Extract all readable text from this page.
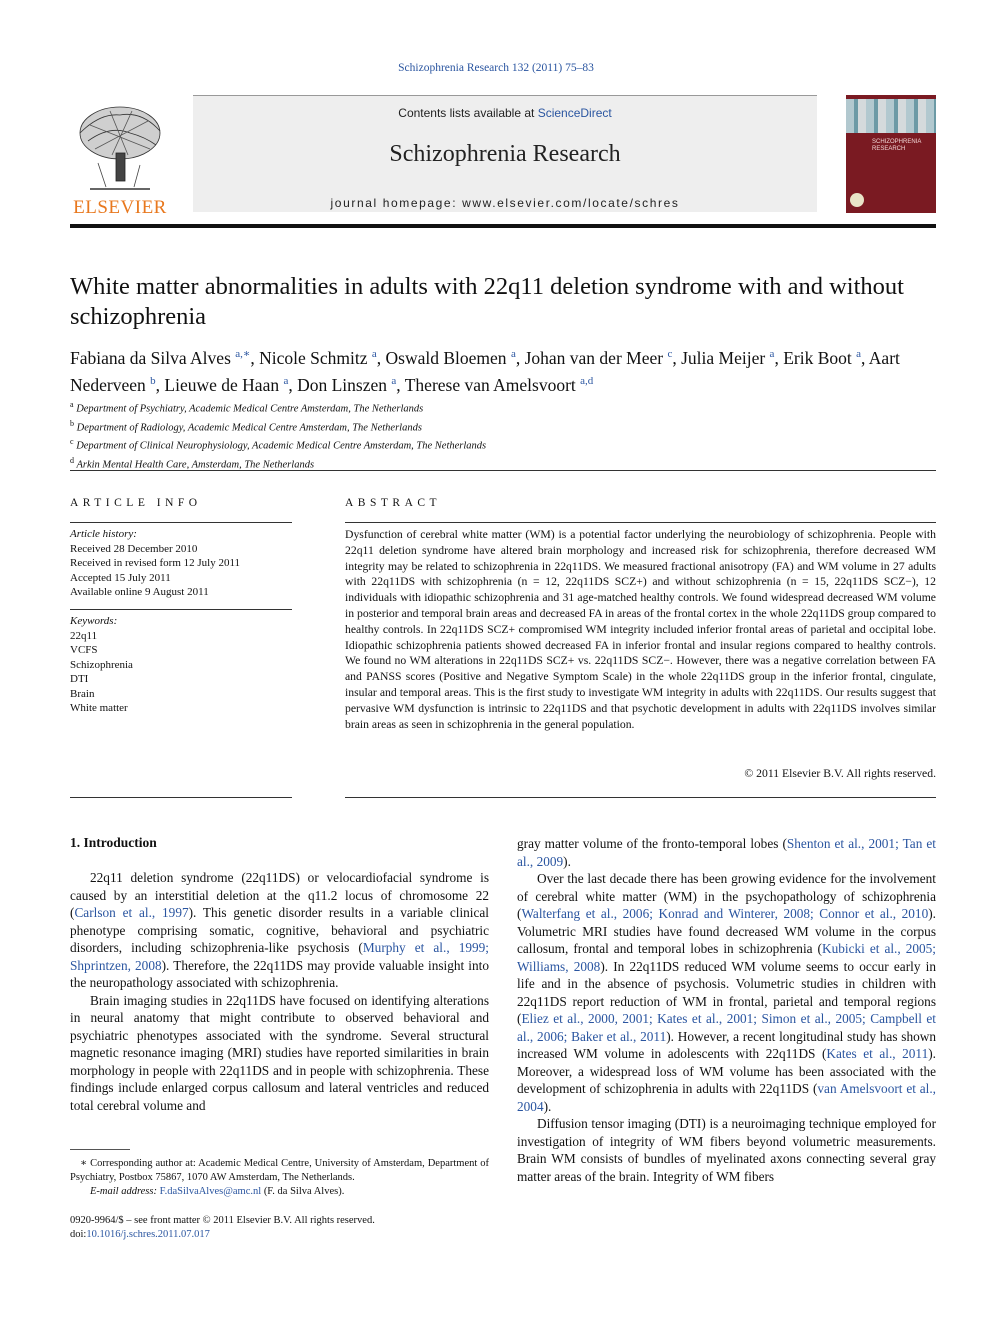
Schizophrenia Research 132 (2011) 75–83
ELSEVIER
Contents lists available at ScienceDirect
Schizophrenia Research
journal homepage: www.elsevier.com/locate/schres
SCHIZOPHRENIA RESEARCH
White matter abnormalities in adults with 22q11 deletion syndrome with and without schizophrenia
Fabiana da Silva Alves $^{a,∗}$, Nicole Schmitz $^a$, Oswald Bloemen $^a$, Johan van der Meer $^c$, Julia Meijer $^a$, Erik Boot $^a$, Aart Nederveen $^b$, Lieuwe de Haan $^a$, Don Linszen $^a$, Therese van Amelsvoort $^{a,d}$
$^a$ Department of Psychiatry, Academic Medical Centre Amsterdam, The Netherlands
$^b$ Department of Radiology, Academic Medical Centre Amsterdam, The Netherlands
$^c$ Department of Clinical Neurophysiology, Academic Medical Centre Amsterdam, The Netherlands
$^d$ Arkin Mental Health Care, Amsterdam, The Netherlands
ARTICLE INFO
Article history:
Received 28 December 2010
Received in revised form 12 July 2011
Accepted 15 July 2011
Available online 9 August 2011
Keywords:
22q11
VCFS
Schizophrenia
DTI
Brain
White matter
ABSTRACT
Dysfunction of cerebral white matter (WM) is a potential factor underlying the neurobiology of schizophrenia. People with 22q11 deletion syndrome have altered brain morphology and increased risk for schizophrenia, therefore decreased WM integrity may be related to schizophrenia in 22q11DS. We measured fractional anisotropy (FA) and WM volume in 27 adults with 22q11DS with schizophrenia (n = 12, 22q11DS SCZ+) and without schizophrenia (n = 15, 22q11DS SCZ−), 12 individuals with idiopathic schizophrenia and 31 age-matched healthy controls. We found widespread decreased WM volume in posterior and temporal brain areas and decreased FA in areas of the frontal cortex in the whole 22q11DS group compared to healthy controls. In 22q11DS SCZ+ compromised WM integrity included inferior frontal areas of parietal and occipital lobe. Idiopathic schizophrenia patients showed decreased FA in inferior frontal and insular regions compared to healthy controls. We found no WM alterations in 22q11DS SCZ+ vs. 22q11DS SCZ−. However, there was a negative correlation between FA and PANSS scores (Positive and Negative Symptom Scale) in the whole 22q11DS group in the inferior frontal, cingulate, insular and temporal areas. This is the first study to investigate WM integrity in adults with 22q11DS. Our results suggest that pervasive WM dysfunction is intrinsic to 22q11DS and that psychotic development in adults with 22q11DS involves similar brain areas as seen in schizophrenia in the general population.
© 2011 Elsevier B.V. All rights reserved.
1. Introduction

22q11 deletion syndrome (22q11DS) or velocardiofacial syndrome is caused by an interstitial deletion at the q11.2 locus of chromosome 22 (Carlson et al., 1997). This genetic disorder results in a variable clinical phenotype comprising somatic, cognitive, behavioral and psychiatric disorders, including schizophrenia-like psychosis (Murphy et al., 1999; Shprintzen, 2008). Therefore, the 22q11DS may provide valuable insight into the neuropathology associated with schizophrenia.

Brain imaging studies in 22q11DS have focused on identifying alterations in neural anatomy that might contribute to observed behavioral and psychiatric phenotypes associated with the syndrome. Several structural magnetic resonance imaging (MRI) studies have reported similarities in brain morphology in people with 22q11DS and in people with schizophrenia. These findings include enlarged corpus callosum and lateral ventricles and reduced total cerebral volume and

gray matter volume of the fronto-temporal lobes (Shenton et al., 2001; Tan et al., 2009).

Over the last decade there has been growing evidence for the involvement of cerebral white matter (WM) in the psychopathology of schizophrenia (Walterfang et al., 2006; Konrad and Winterer, 2008; Connor et al., 2010). Volumetric MRI studies have found decreased WM volume in the corpus callosum, frontal and temporal lobes in schizophrenia (Kubicki et al., 2005; Williams, 2008). In 22q11DS reduced WM volume seems to occur early in life and in the absence of psychosis. Volumetric studies in children with 22q11DS report reduction of WM in frontal, parietal and temporal regions (Eliez et al., 2000, 2001; Kates et al., 2001; Simon et al., 2005; Campbell et al., 2006; Baker et al., 2011). However, a recent longitudinal study has shown increased WM volume in adolescents with 22q11DS (Kates et al., 2011). Moreover, a widespread loss of WM volume has been associated with the development of schizophrenia in adults with 22q11DS (van Amelsvoort et al., 2004).

Diffusion tensor imaging (DTI) is a neuroimaging technique employed for investigation of integrity of WM fibers beyond volumetric measurements. Brain WM consists of bundles of myelinated axons connecting several gray matter areas of the brain. Integrity of WM fibers

∗ Corresponding author at: Academic Medical Centre, University of Amsterdam, Department of Psychiatry, Postbox 75867, 1070 AW Amsterdam, The Netherlands.
E-mail address: F.daSilvaAlves@amc.nl (F. da Silva Alves).
0920-9964/$ – see front matter © 2011 Elsevier B.V. All rights reserved.
doi:10.1016/j.schres.2011.07.017
